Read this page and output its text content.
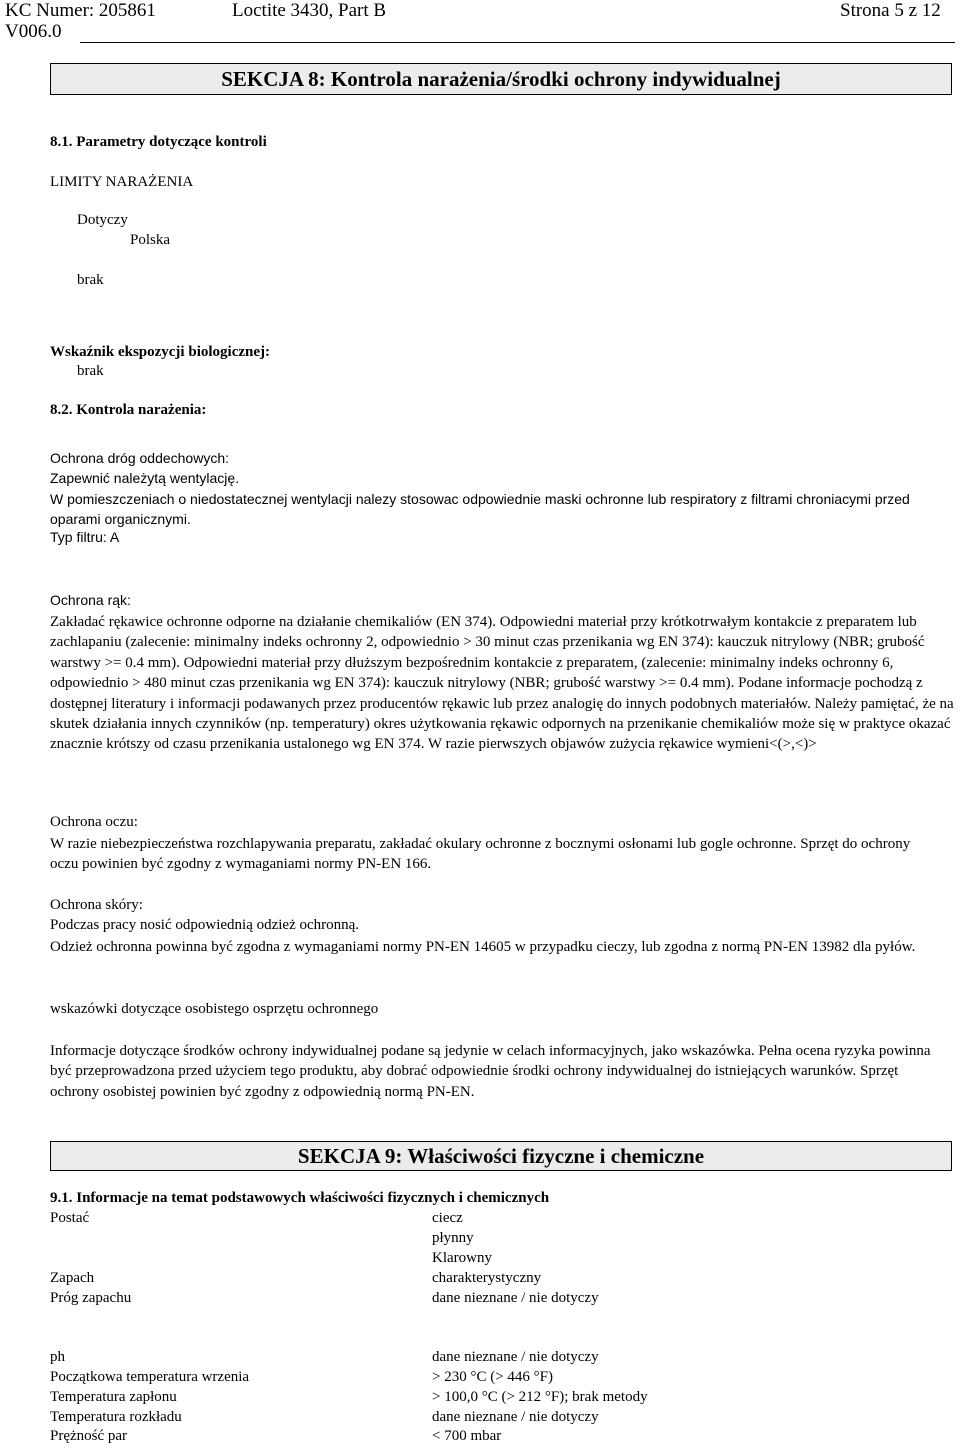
KC Numer: 205861	Loctite 3430, Part B	Strona 5 z 12
V006.0
SEKCJA 8: Kontrola narażenia/środki ochrony indywidualnej
8.1. Parametry dotyczące kontroli
LIMITY NARAŻENIA
Dotyczy
Polska
brak
Wskaźnik ekspozycji biologicznej:
brak
8.2. Kontrola narażenia:
Ochrona dróg oddechowych:
Zapewnić należytą wentylację.
W pomieszczeniach o niedostatecznej wentylacji nalezy stosowac odpowiednie maski ochronne lub respiratory z filtrami chroniacymi przed oparami organicznymi.
Typ filtru: A
Ochrona rąk:
Zakładać rękawice ochronne odporne na działanie chemikaliów (EN 374). Odpowiedni materiał przy krótkotrwałym kontakcie z preparatem lub zachlapaniu (zalecenie: minimalny indeks ochronny 2, odpowiednio > 30 minut czas przenikania wg EN 374): kauczuk nitrylowy (NBR; grubość warstwy >= 0.4 mm). Odpowiedni materiał przy dłuższym bezpośrednim kontakcie z preparatem, (zalecenie: minimalny indeks ochronny 6, odpowiednio > 480 minut czas przenikania wg EN 374): kauczuk nitrylowy (NBR; grubość warstwy >= 0.4 mm). Podane informacje pochodzą z dostępnej literatury i informacji podawanych przez producentów rękawic lub przez analogię do innych podobnych materiałów. Należy pamiętać, że na skutek działania innych czynników (np. temperatury) okres użytkowania rękawic odpornych na przenikanie chemikaliów może się w praktyce okazać znacznie krótszy od czasu przenikania ustalonego wg EN 374. W razie pierwszych objawów zużycia rękawice wymieni<(>,<)>
Ochrona oczu:
W razie niebezpieczeństwa rozchlapywania preparatu, zakładać okulary ochronne z bocznymi osłonami lub gogle ochronne. Sprzęt do ochrony oczu powinien być zgodny z wymaganiami normy PN-EN 166.
Ochrona skóry:
Podczas pracy nosić odpowiednią odzież ochronną.
Odzież ochronna powinna być zgodna z wymaganiami normy PN-EN 14605 w przypadku cieczy, lub zgodna z normą PN-EN 13982 dla pyłów.
wskazówki dotyczące osobistego osprzętu ochronnego
Informacje dotyczące środków ochrony indywidualnej podane są jedynie w celach informacyjnych, jako wskazówka. Pełna ocena ryzyka powinna być przeprowadzona przed użyciem tego produktu, aby dobrać odpowiednie środki ochrony indywidualnej do istniejących warunków. Sprzęt ochrony osobistej powinien być zgodny z odpowiednią normą PN-EN.
SEKCJA 9: Właściwości fizyczne i chemiczne
9.1. Informacje na temat podstawowych właściwości fizycznych i chemicznych
Postać	ciecz
płynny
Klarowny
Zapach	charakterystyczny
Próg zapachu	dane nieznane / nie dotyczy
ph	dane nieznane / nie dotyczy
Początkowa temperatura wrzenia	> 230 °C (> 446 °F)
Temperatura zapłonu	> 100,0 °C (> 212 °F); brak metody
Temperatura rozkładu	dane nieznane / nie dotyczy
Prężność par	< 700 mbar
